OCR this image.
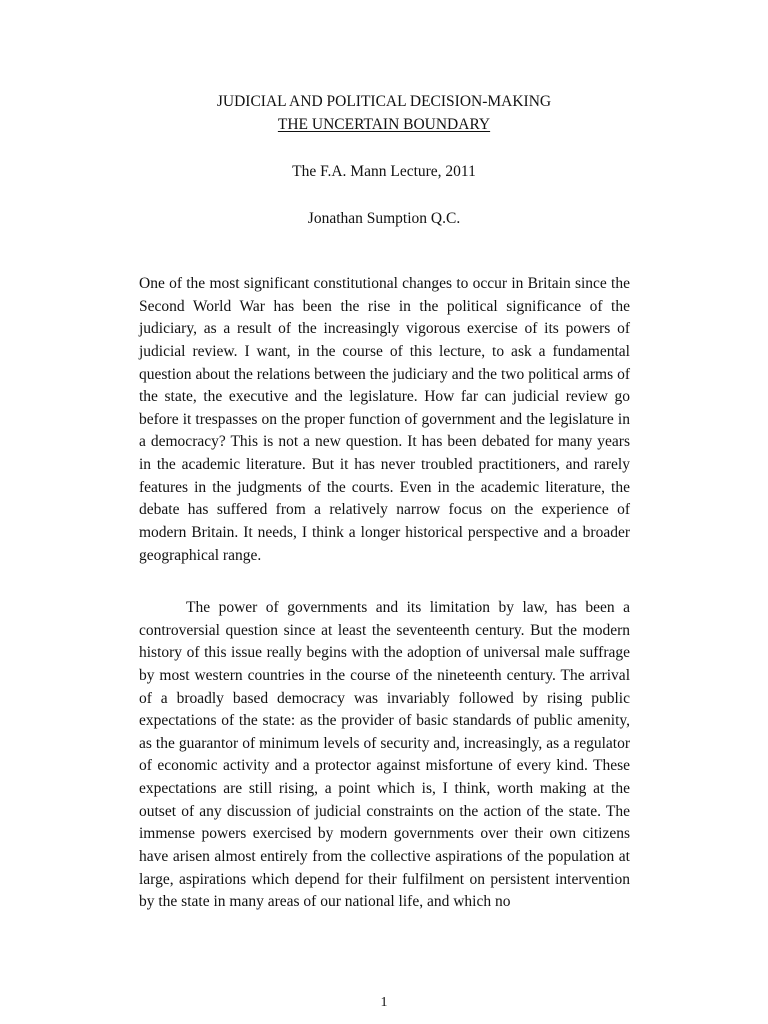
JUDICIAL AND POLITICAL DECISION-MAKING
THE UNCERTAIN BOUNDARY
The F.A. Mann Lecture, 2011
Jonathan Sumption Q.C.

One of the most significant constitutional changes to occur in Britain since the Second World War has been the rise in the political significance of the judiciary, as a result of the increasingly vigorous exercise of its powers of judicial review. I want, in the course of this lecture, to ask a fundamental question about the relations between the judiciary and the two political arms of the state, the executive and the legislature. How far can judicial review go before it trespasses on the proper function of government and the legislature in a democracy? This is not a new question. It has been debated for many years in the academic literature. But it has never troubled practitioners, and rarely features in the judgments of the courts. Even in the academic literature, the debate has suffered from a relatively narrow focus on the experience of modern Britain. It needs, I think a longer historical perspective and a broader geographical range.

The power of governments and its limitation by law, has been a controversial question since at least the seventeenth century. But the modern history of this issue really begins with the adoption of universal male suffrage by most western countries in the course of the nineteenth century. The arrival of a broadly based democracy was invariably followed by rising public expectations of the state: as the provider of basic standards of public amenity, as the guarantor of minimum levels of security and, increasingly, as a regulator of economic activity and a protector against misfortune of every kind. These expectations are still rising, a point which is, I think, worth making at the outset of any discussion of judicial constraints on the action of the state. The immense powers exercised by modern governments over their own citizens have arisen almost entirely from the collective aspirations of the population at large, aspirations which depend for their fulfilment on persistent intervention by the state in many areas of our national life, and which no

1
